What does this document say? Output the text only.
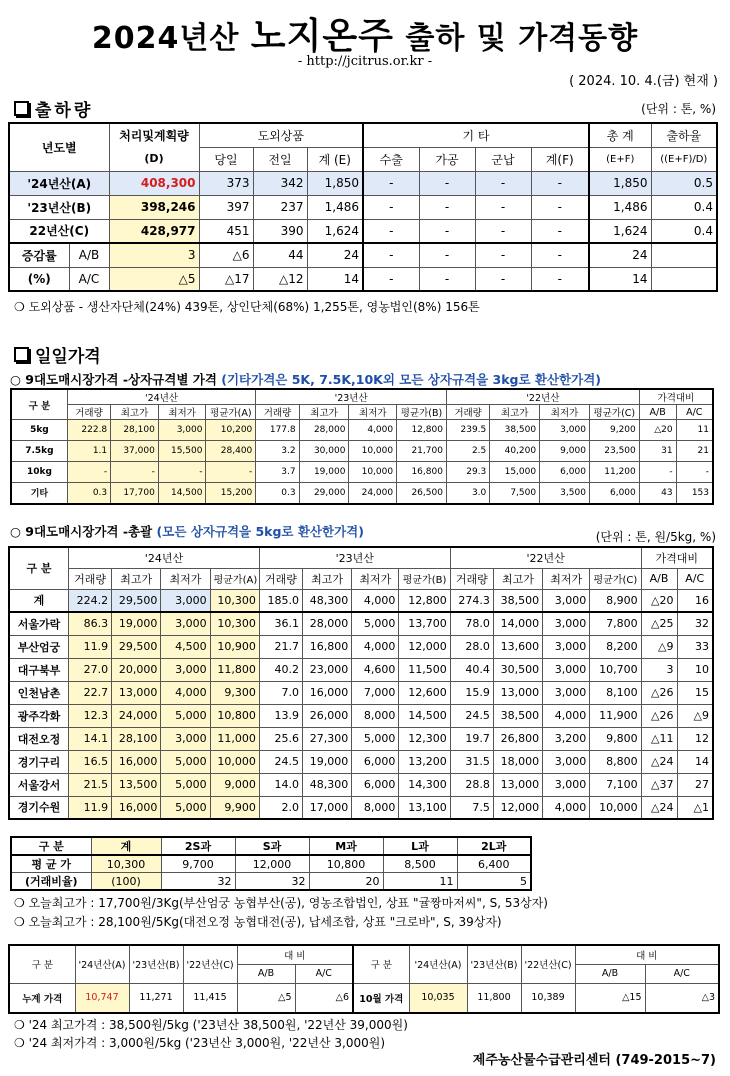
2024년산 노지온주 출하 및 가격동향
- http://jcitrus.or.kr -
( 2024. 10. 4.(금) 현재 )
출하량	(단위 : 톤, %)
년도별		처리및계획량	도외상품			기 타				총 계	출하율
		(D)	당일	전일	계 (E)	수출	가공	군납	계(F)	(E+F)	((E+F)/D)
'24년산(A)		408,300	373	342	1,850	-	-	-	-	1,850	0.5
'23년산(B)		398,246	397	237	1,486	-	-	-	-	1,486	0.4
22년산(C)		428,977	451	390	1,624	-	-	-	-	1,624	0.4
증감률	A/B	3	△6	44	24	-	-	-	-	24	
(%)	A/C	△5	△17	△12	14	-	-	-	-	14	
❍ 도외상품 - 생산자단체(24%) 439톤, 상인단체(68%) 1,255톤, 영농법인(8%) 156톤
일일가격
○ 9대도매시장가격 -상자규격별 가격 (기타가격은 5K, 7.5K,10K외 모든 상자규격을 3kg로 환산한가격)
구 분	'24년산				'23년산				'22년산				가격대비	
	거래량	최고가	최저가	평균가(A)	거래량	최고가	최저가	평균가(B)	거래량	최고가	최저가	평균가(C)	A/B	A/C
5kg	222.8	28,100	3,000	10,200	177.8	28,000	4,000	12,800	239.5	38,500	3,000	9,200	△20	11
7.5kg	1.1	37,000	15,500	28,400	3.2	30,000	10,000	21,700	2.5	40,200	9,000	23,500	31	21
10kg	-	-	-	-	3.7	19,000	10,000	16,800	29.3	15,000	6,000	11,200	-	-
기타	0.3	17,700	14,500	15,200	0.3	29,000	24,000	26,500	3.0	7,500	3,500	6,000	43	153
○ 9대도매시장가격 -총괄 (모든 상자규격을 5kg로 환산한가격)	(단위 : 톤, 원/5kg, %)
구 분	'24년산				'23년산				'22년산				가격대비	
	거래량	최고가	최저가	평균가(A)	거래량	최고가	최저가	평균가(B)	거래량	최고가	최저가	평균가(C)	A/B	A/C
계	224.2	29,500	3,000	10,300	185.0	48,300	4,000	12,800	274.3	38,500	3,000	8,900	△20	16
서울가락	86.3	19,000	3,000	10,300	36.1	28,000	5,000	13,700	78.0	14,000	3,000	7,800	△25	32
부산엄궁	11.9	29,500	4,500	10,900	21.7	16,800	4,000	12,000	28.0	13,600	3,000	8,200	△9	33
대구북부	27.0	20,000	3,000	11,800	40.2	23,000	4,600	11,500	40.4	30,500	3,000	10,700	3	10
인천남촌	22.7	13,000	4,000	9,300	7.0	16,000	7,000	12,600	15.9	13,000	3,000	8,100	△26	15
광주각화	12.3	24,000	5,000	10,800	13.9	26,000	8,000	14,500	24.5	38,500	4,000	11,900	△26	△9
대전오정	14.1	28,100	3,000	11,000	25.6	27,300	5,000	12,300	19.7	26,800	3,200	9,800	△11	12
경기구리	16.5	16,000	5,000	10,000	24.5	19,000	6,000	13,200	31.5	18,000	3,000	8,800	△24	14
서울강서	21.5	13,500	5,000	9,000	14.0	48,300	6,000	14,300	28.8	13,000	3,000	7,100	△37	27
경기수원	11.9	16,000	5,000	9,900	2.0	17,000	8,000	13,100	7.5	12,000	4,000	10,000	△24	△1
구 분	계	2S과	S과	M과	L과	2L과
평 균 가	10,300	9,700	12,000	10,800	8,500	6,400
(거래비율)	(100)	32	32	20	11	5
❍ 오늘최고가 : 17,700원/3Kg(부산엄궁 농협부산(공), 영농조합법인, 상표 "귤짱마저씨", S, 53상자)
❍ 오늘최고가 : 28,100원/5Kg(대전오정 농협대전(공), 납세조합, 상표 "크로바", S, 39상자)
구 분	'24년산(A)	'23년산(B)	'22년산(C)	대 비		구 분	'24년산(A)	'23년산(B)	'22년산(C)	대 비	
				A/B	A/C					A/B	A/C
누계 가격	10,747	11,271	11,415	△5	△6	10월 가격	10,035	11,800	10,389	△15	△3
❍ '24 최고가격 : 38,500원/5kg ('23년산 38,500원, '22년산 39,000원)
❍ '24 최저가격 : 3,000원/5kg ('23년산 3,000원, '22년산 3,000원)
제주농산물수급관리센터 (749-2015~7)
